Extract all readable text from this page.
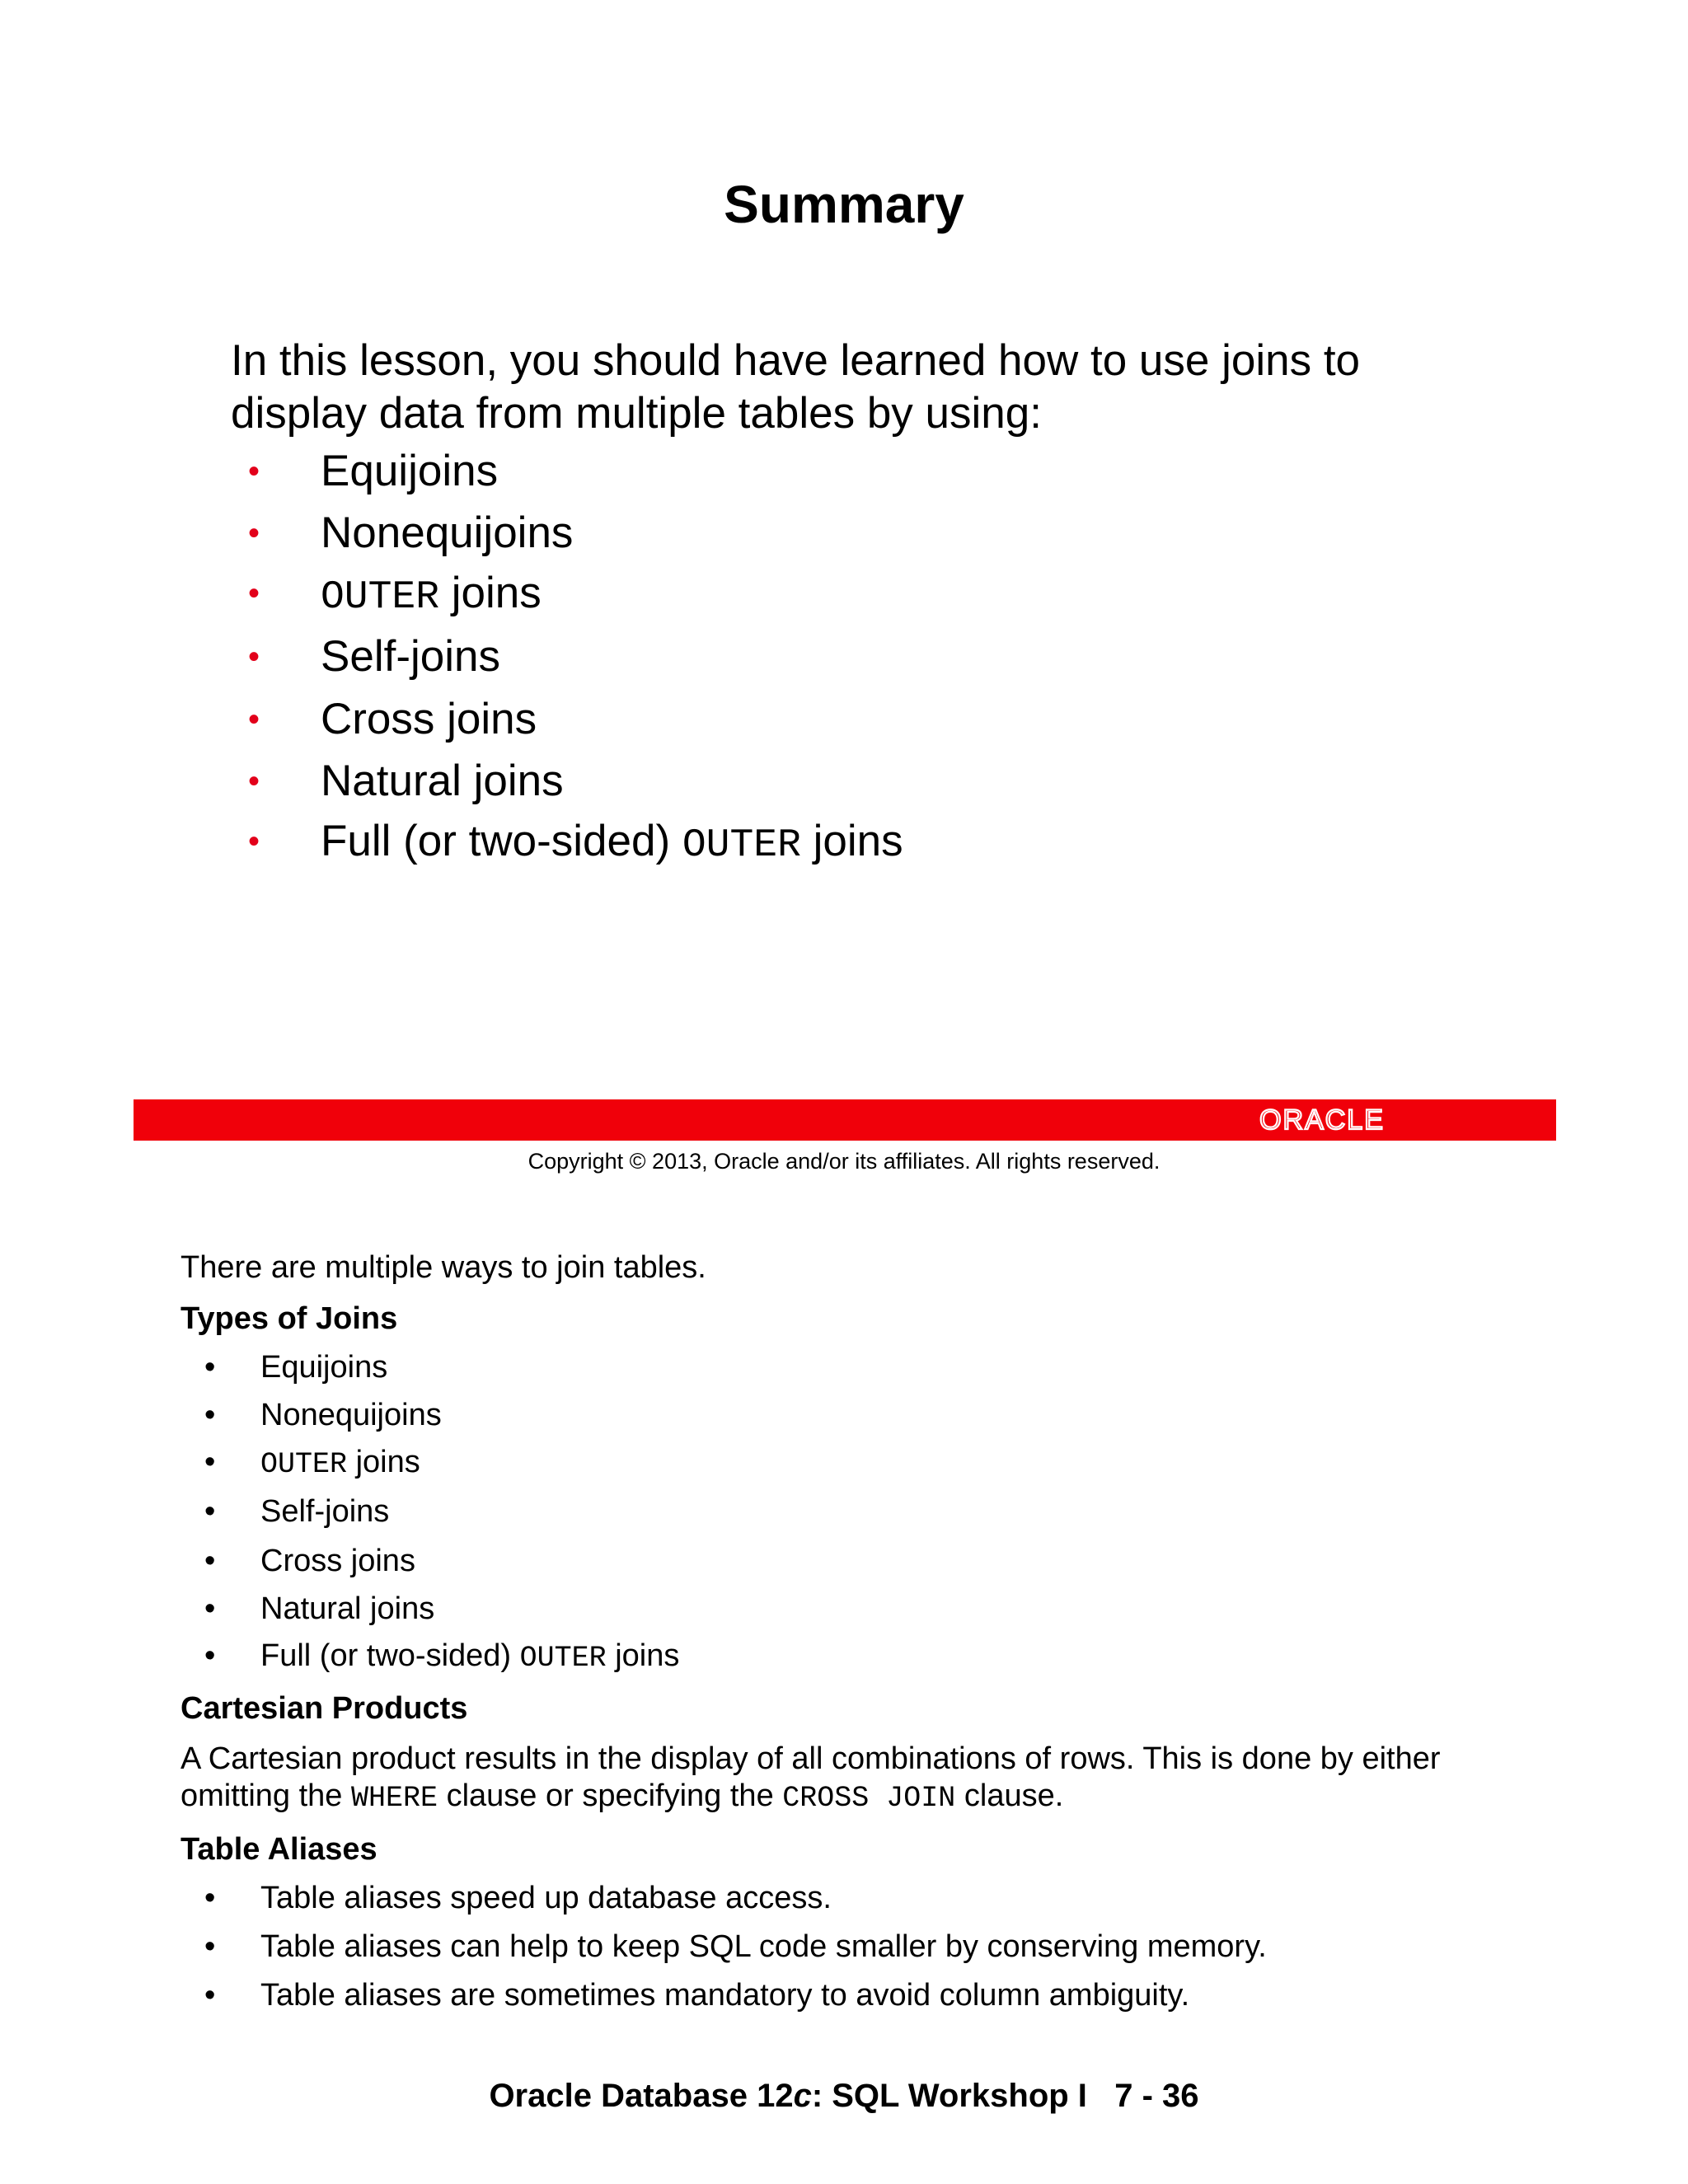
Summary

In this lesson, you should have learned how to use joins to display data from multiple tables by using:

• Equijoins
• Nonequijoins
• OUTER joins
• Self-joins
• Cross joins
• Natural joins
• Full (or two-sided) OUTER joins
ORACLE

Copyright © 2013, Oracle and/or its affiliates. All rights reserved.

There are multiple ways to join tables.

Types of Joins
• Equijoins
• Nonequijoins
• OUTER joins
• Self-joins
• Cross joins
• Natural joins
• Full (or two-sided) OUTER joins
Cartesian Products

A Cartesian product results in the display of all combinations of rows. This is done by either omitting the WHERE clause or specifying the CROSS JOIN clause.

Table Aliases
• Table aliases speed up database access.
• Table aliases can help to keep SQL code smaller by conserving memory.
• Table aliases are sometimes mandatory to avoid column ambiguity.

Oracle Database 12c: SQL Workshop I   7 - 36
